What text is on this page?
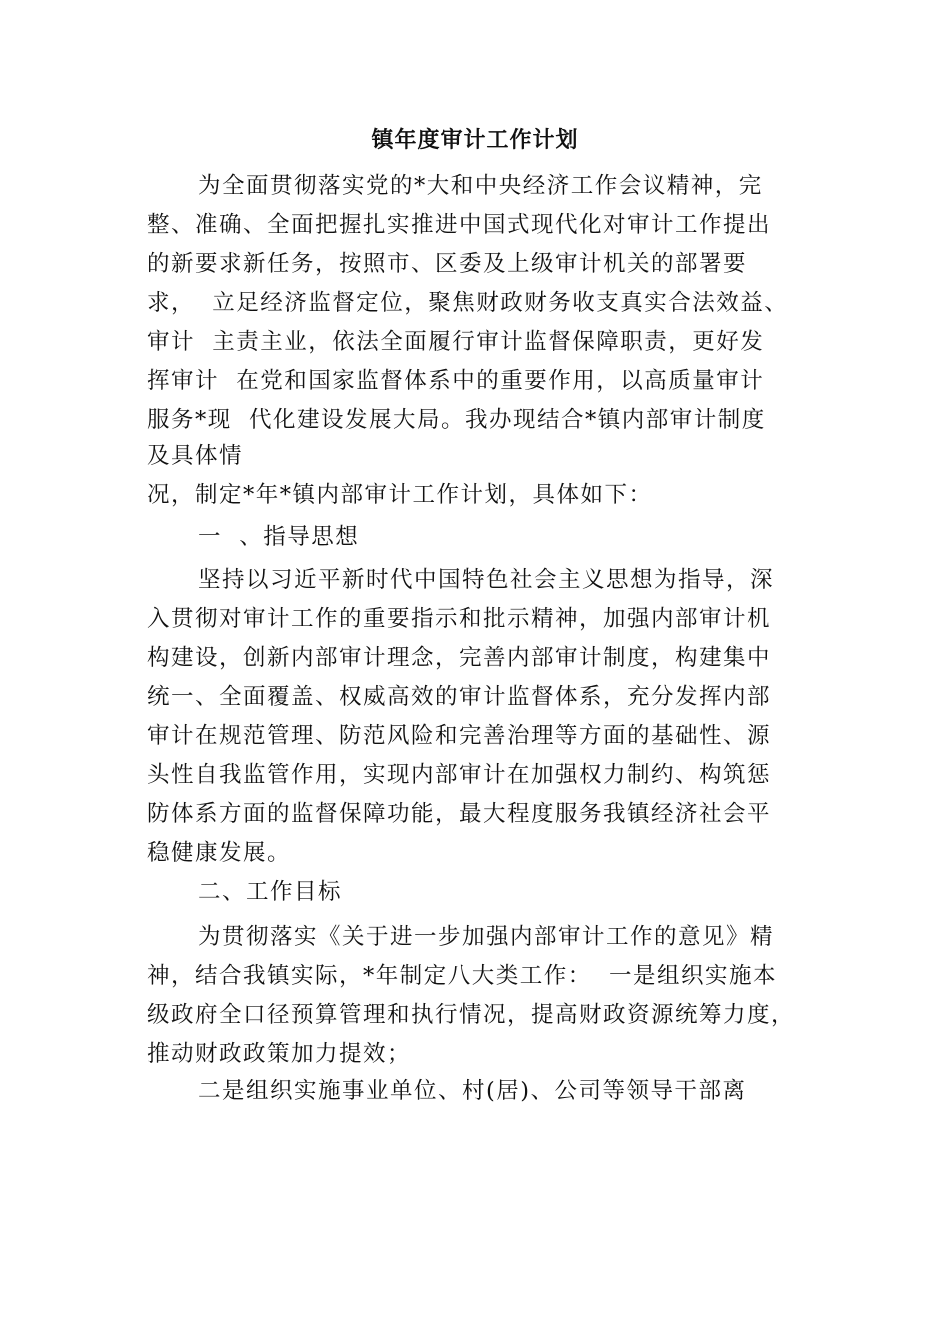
镇年度审计工作计划
为全面贯彻落实党的*大和中央经济工作会议精神，完
整、准确、全面把握扎实推进中国式现代化对审计工作提出
的新要求新任务，按照市、区委及上级审计机关的部署要
求，  立足经济监督定位，聚焦财政财务收支真实合法效益、
审计  主责主业，依法全面履行审计监督保障职责，更好发
挥审计  在党和国家监督体系中的重要作用，以高质量审计
服务*现  代化建设发展大局。我办现结合*镇内部审计制度
及具体情
况，制定*年*镇内部审计工作计划，具体如下：
一  、指导思想
坚持以习近平新时代中国特色社会主义思想为指导，深
入贯彻对审计工作的重要指示和批示精神，加强内部审计机
构建设，创新内部审计理念，完善内部审计制度，构建集中
统一、全面覆盖、权威高效的审计监督体系，充分发挥内部
审计在规范管理、防范风险和完善治理等方面的基础性、源
头性自我监管作用，实现内部审计在加强权力制约、构筑惩
防体系方面的监督保障功能，最大程度服务我镇经济社会平
稳健康发展。
二、工作目标
为贯彻落实《关于进一步加强内部审计工作的意见》精
神，结合我镇实际，*年制定八大类工作：  一是组织实施本
级政府全口径预算管理和执行情况，提高财政资源统筹力度，
推动财政政策加力提效；
二是组织实施事业单位、村(居)、公司等领导干部离
